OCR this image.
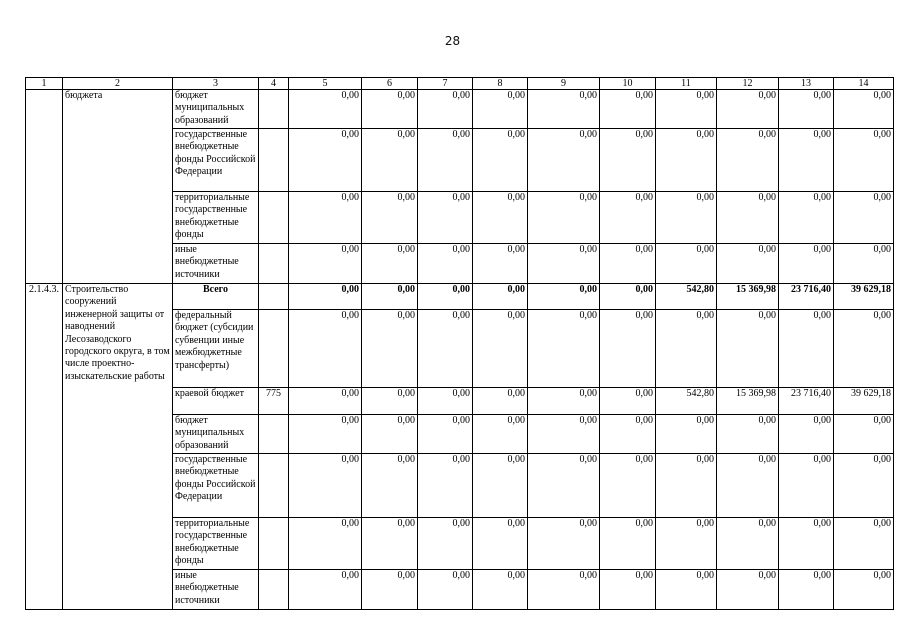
28
1	2	3	4	5	6	7	8	9	10	11	12	13	14
	бюджета	бюджет муниципальных образований		0,00	0,00	0,00	0,00	0,00	0,00	0,00	0,00	0,00	0,00
		государственные внебюджетные фонды Российской Федерации		0,00	0,00	0,00	0,00	0,00	0,00	0,00	0,00	0,00	0,00
		территориальные государственные внебюджетные фонды		0,00	0,00	0,00	0,00	0,00	0,00	0,00	0,00	0,00	0,00
		иные внебюджетные источники		0,00	0,00	0,00	0,00	0,00	0,00	0,00	0,00	0,00	0,00
2.1.4.3.	Строительство сооружений инженерной защиты от наводнений Лесозаводского городского округа, в том числе проектно-изыскательские работы	Всего		0,00	0,00	0,00	0,00	0,00	0,00	542,80	15 369,98	23 716,40	39 629,18
		федеральный бюджет (субсидии субвенции иные межбюджетные трансферты)		0,00	0,00	0,00	0,00	0,00	0,00	0,00	0,00	0,00	0,00
		краевой бюджет	775	0,00	0,00	0,00	0,00	0,00	0,00	542,80	15 369,98	23 716,40	39 629,18
		бюджет муниципальных образований		0,00	0,00	0,00	0,00	0,00	0,00	0,00	0,00	0,00	0,00
		государственные внебюджетные фонды Российской Федерации		0,00	0,00	0,00	0,00	0,00	0,00	0,00	0,00	0,00	0,00
		территориальные государственные внебюджетные фонды		0,00	0,00	0,00	0,00	0,00	0,00	0,00	0,00	0,00	0,00
		иные внебюджетные источники		0,00	0,00	0,00	0,00	0,00	0,00	0,00	0,00	0,00	0,00
